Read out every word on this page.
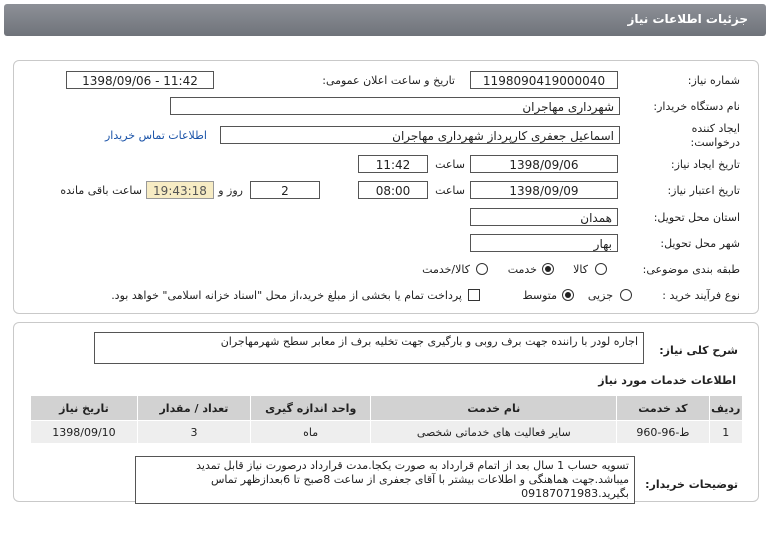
جزئیات اطلاعات نیاز
شماره نیاز:
1198090419000040
تاریخ و ساعت اعلان عمومی:
1398/09/06 - 11:42
نام دستگاه خریدار:
شهرداری مهاجران
ایجاد کننده درخواست:
اسماعیل جعفری کارپرداز شهرداری مهاجران
اطلاعات تماس خریدار
تاریخ ایجاد نیاز:
1398/09/06
ساعت
11:42
تاریخ اعتبار نیاز:
1398/09/09
ساعت
08:00
2
روز و
19:43:18
ساعت باقی مانده
استان محل تحویل:
همدان
شهر محل تحویل:
بهار
طبقه بندی موضوعی:
کالا
خدمت
کالا/خدمت
نوع فرآیند خرید :
جزیی
متوسط
پرداخت تمام یا بخشی از مبلغ خرید،از محل "اسناد خزانه اسلامی" خواهد بود.
شرح کلی نیاز:
اجاره لودر با راننده جهت برف روبی و بارگیری جهت تخلیه برف از معابر سطح شهرمهاجران
اطلاعات خدمات مورد نیاز
ردیف	کد خدمت	نام خدمت	واحد اندازه گیری	تعداد / مقدار	تاریخ نیاز
1	ط-96-960	سایر فعالیت های خدماتی شخصی	ماه	3	1398/09/10
توضیحات خریدار:
تسویه حساب 1 سال بعد از اتمام قرارداد به صورت یکجا.مدت قرارداد درصورت نیاز قابل تمدید میباشد.جهت هماهنگی و اطلاعات بیشتر با آقای جعفری از ساعت 8صبح تا 6بعدازظهر تماس بگیرید.09187071983
